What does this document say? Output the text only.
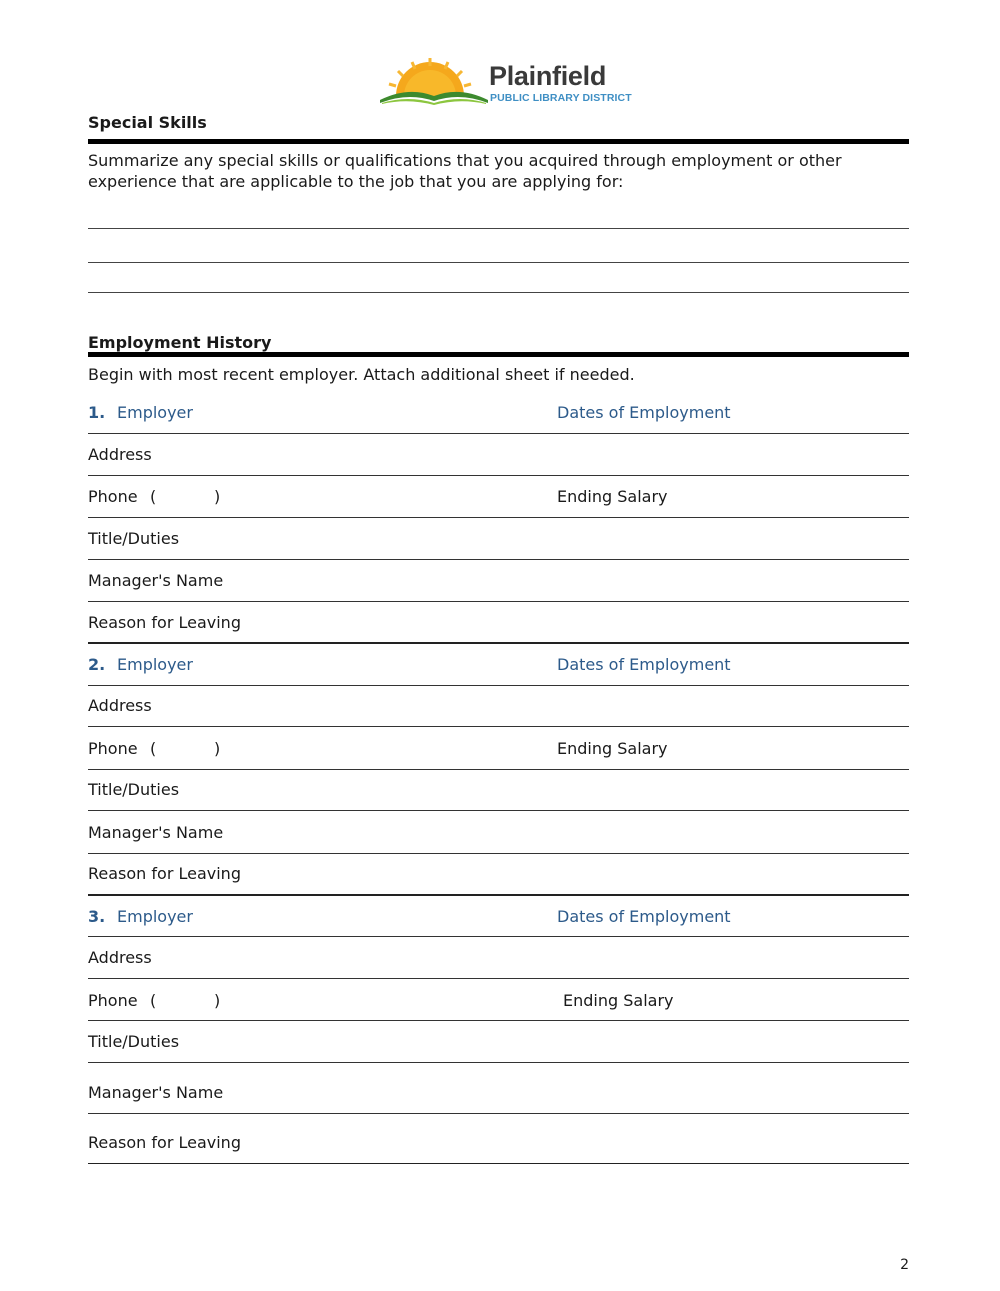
Plainfield
PUBLIC LIBRARY DISTRICT
Special Skills
Summarize any special skills or qualifications that you acquired through employment or other experience that are applicable to the job that you are applying for:
Employment History
Begin with most recent employer. Attach additional sheet if needed.
1. Employer	Dates of Employment
Address
Phone (	)	Ending Salary
Title/Duties
Manager's Name
Reason for Leaving
2. Employer	Dates of Employment
Address
Phone (	)	Ending Salary
Title/Duties
Manager's Name
Reason for Leaving
3. Employer	Dates of Employment
Address
Phone (	)	Ending Salary
Title/Duties
Manager's Name
Reason for Leaving
2
